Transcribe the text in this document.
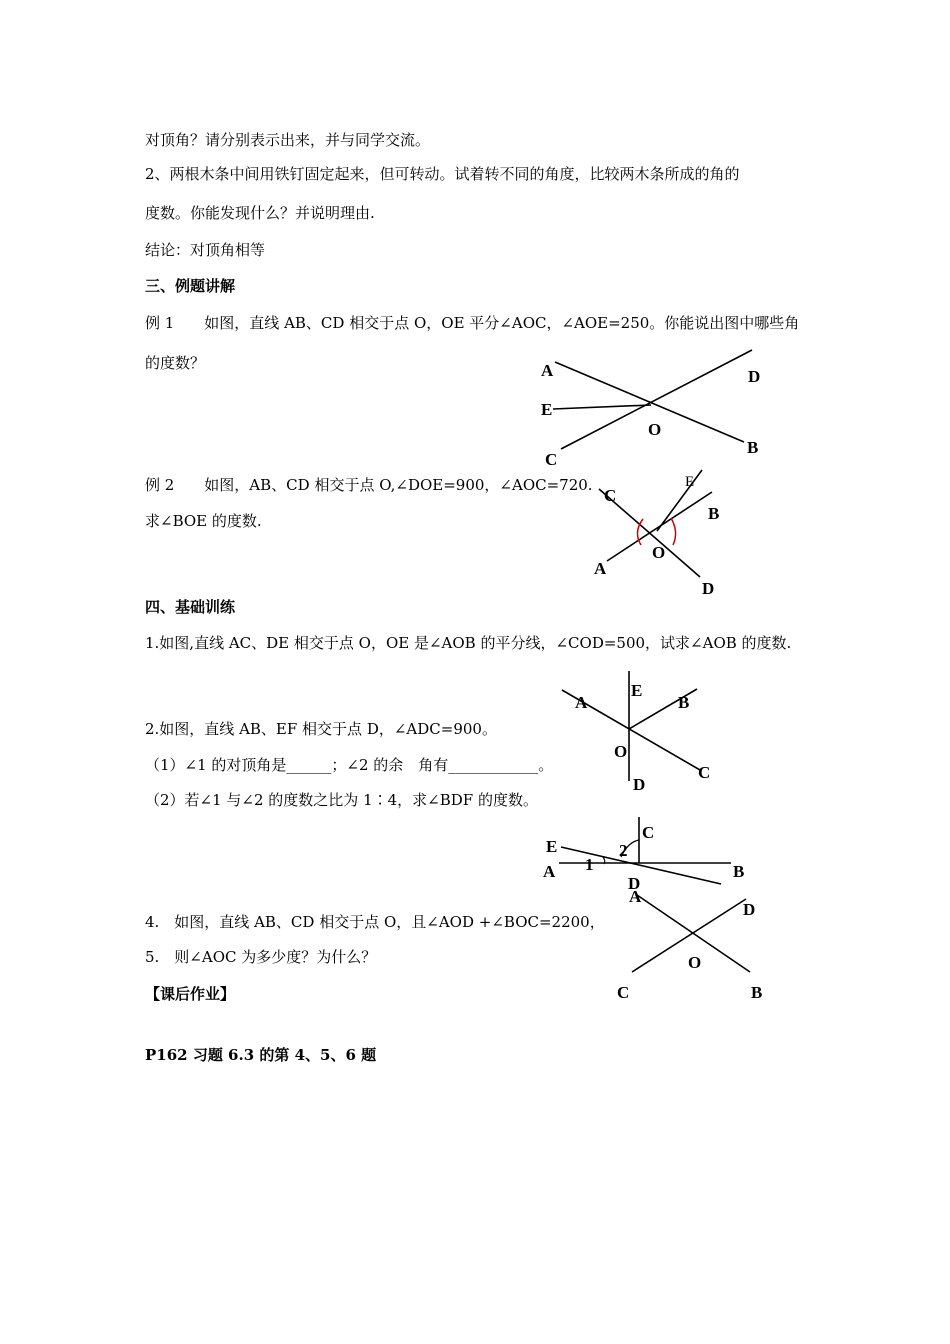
对顶角？请分别表示出来，并与同学交流。
2、两根木条中间用铁钉固定起来，但可转动。试着转不同的角度，比较两木条所成的角的
度数。你能发现什么？并说明理由.
结论：对顶角相等
三、例题讲解
例 1　　如图，直线 AB、CD 相交于点 O，OE 平分∠AOC，∠AOE=250。你能说出图中哪些角
的度数？
例 2　　如图，AB、CD 相交于点 O,∠DOE=900，∠AOC=720.
求∠BOE 的度数.
四、基础训练
1.如图,直线 AC、DE 相交于点 O，OE 是∠AOB 的平分线，∠COD=500，试求∠AOB 的度数.
2.如图，直线 AB、EF 相交于点 D，∠ADC=900。
（1）∠1 的对顶角是______；∠2 的余　角有____________。
（2）若∠1 与∠2 的度数之比为 1∶4，求∠BDF 的度数。
4.　如图，直线 AB、CD 相交于点 O，且∠AOD +∠BOC=2200，
5.　则∠AOC 为多少度？为什么？
【课后作业】
P162 习题 6.3 的第 4、5、6 题
A	D
E
O
B
C
C
E
B
O
A
D
A
E
B
O
C
D
C
E	2
1
A	B
D
A
D
O
C	B
